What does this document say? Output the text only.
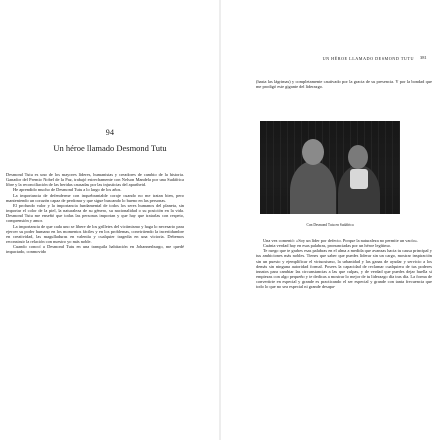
94
Un héroe llamado Desmond Tutu

Desmond Tutu es uno de los mayores líderes, humanistas y creadores de cambio de la historia. Ganador del Premio Nobel de la Paz, trabajó estrechamente con Nelson Mandela por una Sudáfrica libre y la reconciliación de las heridas causadas por las injusticias del apartheid.

He aprendido mucho de Desmond Tutu a lo largo de los años.

La importancia de defenderme con inquebrantable coraje cuando no me tratan bien, pero manteniendo un corazón capaz de perdonar y que sigue buscando lo bueno en las personas.

El profundo valor y la importancia fundamental de todos los seres humanos del planeta, sin importar el color de la piel, la naturaleza de su género, su nacionalidad o su posición en la vida. Desmond Tutu me enseñó que todas las personas importan y que hay que tratarlas con respeto, comprensión y amor.

La importancia de que cada uno se libere de los grilletes del victimismo y haga lo necesario para ejercer su poder humano en los momentos fáciles y en los problemas, convirtiendo la incertidumbre en creatividad, las magulladuras en valentía y cualquier tragedia en una victoria. Debemos reconstruir la relación con nuestro yo más noble.

Cuando conocí a Desmond Tutu en una tranquila habitación en Johannesburgo, me quedé impactado, conmovido

UN HÉROE LLAMADO DESMOND TUTU 381

(hasta las lágrimas) y completamente cautivado por la gracia de su presencia. Y por la bondad que me prodigó este gigante del liderazgo.

Con Desmond Tutu en Sudáfrica

Una vez comentó: «Soy un líder por defecto. Porque la naturaleza no permite un vacío».

Cuánta verdad hay en esas palabras, pronunciadas por un héroe legítimo.

Te ruego que te grabes esas palabras en el alma a medida que avanzas hacia tu causa principal y tus ambiciones más nobles. Tienes que saber que puedes liderar sin un cargo, mostrar inspiración sin un puesto y ejemplificar el virtuosismo, la urbanidad y las ganas de ayudar y servicio a los demás sin ninguna autoridad formal. Posees la capacidad de reclamar cualquiera de tus poderes innatos para cambiar las circunstancias a las que culpas, y de verdad que puedes dejar huella si empiezas con algo pequeño y te dedicas a mostrar lo mejor de tu liderazgo día tras día. La forma de convertirte en especial y grande es practicando el ser especial y grande con tanta frecuencia que todo lo que no sea especial ni grande desapa-
